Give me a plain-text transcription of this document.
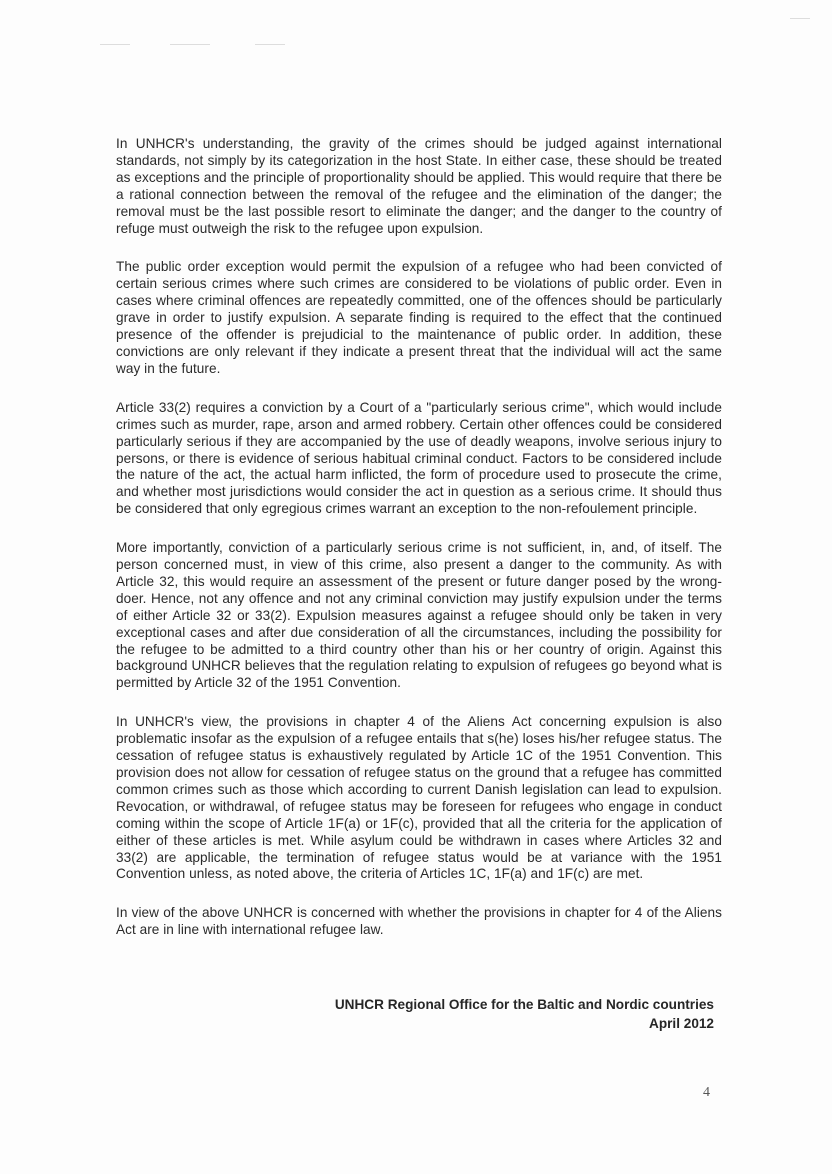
In UNHCR's understanding, the gravity of the crimes should be judged against international standards, not simply by its categorization in the host State. In either case, these should be treated as exceptions and the principle of proportionality should be applied. This would require that there be a rational connection between the removal of the refugee and the elimination of the danger; the removal must be the last possible resort to eliminate the danger; and the danger to the country of refuge must outweigh the risk to the refugee upon expulsion.

The public order exception would permit the expulsion of a refugee who had been convicted of certain serious crimes where such crimes are considered to be violations of public order. Even in cases where criminal offences are repeatedly committed, one of the offences should be particularly grave in order to justify expulsion. A separate finding is required to the effect that the continued presence of the offender is prejudicial to the maintenance of public order. In addition, these convictions are only relevant if they indicate a present threat that the individual will act the same way in the future.

Article 33(2) requires a conviction by a Court of a "particularly serious crime", which would include crimes such as murder, rape, arson and armed robbery. Certain other offences could be considered particularly serious if they are accompanied by the use of deadly weapons, involve serious injury to persons, or there is evidence of serious habitual criminal conduct. Factors to be considered include the nature of the act, the actual harm inflicted, the form of procedure used to prosecute the crime, and whether most jurisdictions would consider the act in question as a serious crime. It should thus be considered that only egregious crimes warrant an exception to the non-refoulement principle.

More importantly, conviction of a particularly serious crime is not sufficient, in, and, of itself. The person concerned must, in view of this crime, also present a danger to the community. As with Article 32, this would require an assessment of the present or future danger posed by the wrong-doer. Hence, not any offence and not any criminal conviction may justify expulsion under the terms of either Article 32 or 33(2). Expulsion measures against a refugee should only be taken in very exceptional cases and after due consideration of all the circumstances, including the possibility for the refugee to be admitted to a third country other than his or her country of origin. Against this background UNHCR believes that the regulation relating to expulsion of refugees go beyond what is permitted by Article 32 of the 1951 Convention.

In UNHCR's view, the provisions in chapter 4 of the Aliens Act concerning expulsion is also problematic insofar as the expulsion of a refugee entails that s(he) loses his/her refugee status. The cessation of refugee status is exhaustively regulated by Article 1C of the 1951 Convention. This provision does not allow for cessation of refugee status on the ground that a refugee has committed common crimes such as those which according to current Danish legislation can lead to expulsion. Revocation, or withdrawal, of refugee status may be foreseen for refugees who engage in conduct coming within the scope of Article 1F(a) or 1F(c), provided that all the criteria for the application of either of these articles is met. While asylum could be withdrawn in cases where Articles 32 and 33(2) are applicable, the termination of refugee status would be at variance with the 1951 Convention unless, as noted above, the criteria of Articles 1C, 1F(a) and 1F(c) are met.

In view of the above UNHCR is concerned with whether the provisions in chapter for 4 of the Aliens Act are in line with international refugee law.

UNHCR Regional Office for the Baltic and Nordic countries
April 2012
4
